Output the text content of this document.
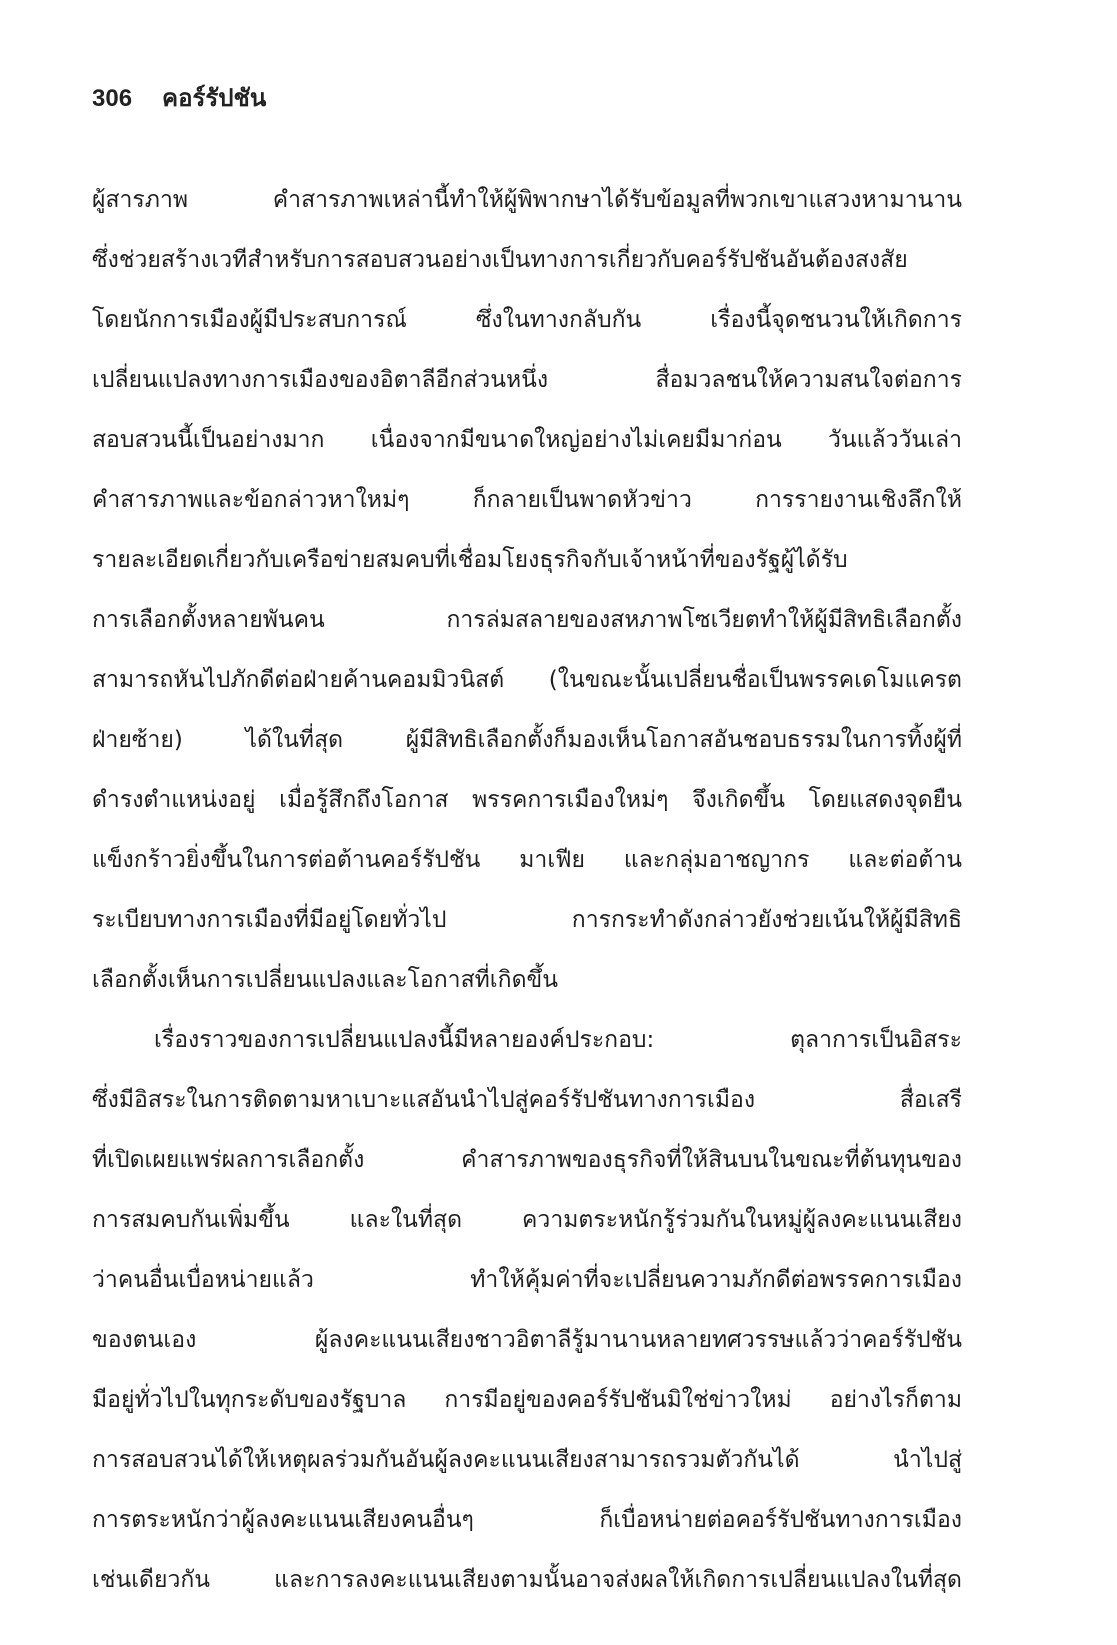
306 คอร์รัปชัน
ผู้สารภาพ คำสารภาพเหล่านี้ทำให้ผู้พิพากษาได้รับข้อมูลที่พวกเขาแสวงหามานาน
ซึ่งช่วยสร้างเวทีสำหรับการสอบสวนอย่างเป็นทางการเกี่ยวกับคอร์รัปชันอันต้องสงสัย
โดยนักการเมืองผู้มีประสบการณ์ ซึ่งในทางกลับกัน เรื่องนี้จุดชนวนให้เกิดการ
เปลี่ยนแปลงทางการเมืองของอิตาลีอีกส่วนหนึ่ง สื่อมวลชนให้ความสนใจต่อการ
สอบสวนนี้เป็นอย่างมาก เนื่องจากมีขนาดใหญ่อย่างไม่เคยมีมาก่อน วันแล้ววันเล่า
คำสารภาพและข้อกล่าวหาใหม่ๆ ก็กลายเป็นพาดหัวข่าว การรายงานเชิงลึกให้
รายละเอียดเกี่ยวกับเครือข่ายสมคบที่เชื่อมโยงธุรกิจกับเจ้าหน้าที่ของรัฐผู้ได้รับ
การเลือกตั้งหลายพันคน การล่มสลายของสหภาพโซเวียตทำให้ผู้มีสิทธิเลือกตั้ง
สามารถหันไปภักดีต่อฝ่ายค้านคอมมิวนิสต์ (ในขณะนั้นเปลี่ยนชื่อเป็นพรรคเดโมแครต
ฝ่ายซ้าย) ได้ในที่สุด ผู้มีสิทธิเลือกตั้งก็มองเห็นโอกาสอันชอบธรรมในการทิ้งผู้ที่
ดำรงตำแหน่งอยู่ เมื่อรู้สึกถึงโอกาส พรรคการเมืองใหม่ๆ จึงเกิดขึ้น โดยแสดงจุดยืน
แข็งกร้าวยิ่งขึ้นในการต่อต้านคอร์รัปชัน มาเฟีย และกลุ่มอาชญากร และต่อต้าน
ระเบียบทางการเมืองที่มีอยู่โดยทั่วไป การกระทำดังกล่าวยังช่วยเน้นให้ผู้มีสิทธิ
เลือกตั้งเห็นการเปลี่ยนแปลงและโอกาสที่เกิดขึ้น
เรื่องราวของการเปลี่ยนแปลงนี้มีหลายองค์ประกอบ: ตุลาการเป็นอิสระ
ซึ่งมีอิสระในการติดตามหาเบาะแสอันนำไปสู่คอร์รัปชันทางการเมือง สื่อเสรี
ที่เปิดเผยแพร่ผลการเลือกตั้ง คำสารภาพของธุรกิจที่ให้สินบนในขณะที่ต้นทุนของ
การสมคบกันเพิ่มขึ้น และในที่สุด ความตระหนักรู้ร่วมกันในหมู่ผู้ลงคะแนนเสียง
ว่าคนอื่นเบื่อหน่ายแล้ว ทำให้คุ้มค่าที่จะเปลี่ยนความภักดีต่อพรรคการเมือง
ของตนเอง ผู้ลงคะแนนเสียงชาวอิตาลีรู้มานานหลายทศวรรษแล้วว่าคอร์รัปชัน
มีอยู่ทั่วไปในทุกระดับของรัฐบาล การมีอยู่ของคอร์รัปชันมิใช่ข่าวใหม่ อย่างไรก็ตาม
การสอบสวนได้ให้เหตุผลร่วมกันอันผู้ลงคะแนนเสียงสามารถรวมตัวกันได้ นำไปสู่
การตระหนักว่าผู้ลงคะแนนเสียงคนอื่นๆ ก็เบื่อหน่ายต่อคอร์รัปชันทางการเมือง
เช่นเดียวกัน และการลงคะแนนเสียงตามนั้นอาจส่งผลให้เกิดการเปลี่ยนแปลงในที่สุด
